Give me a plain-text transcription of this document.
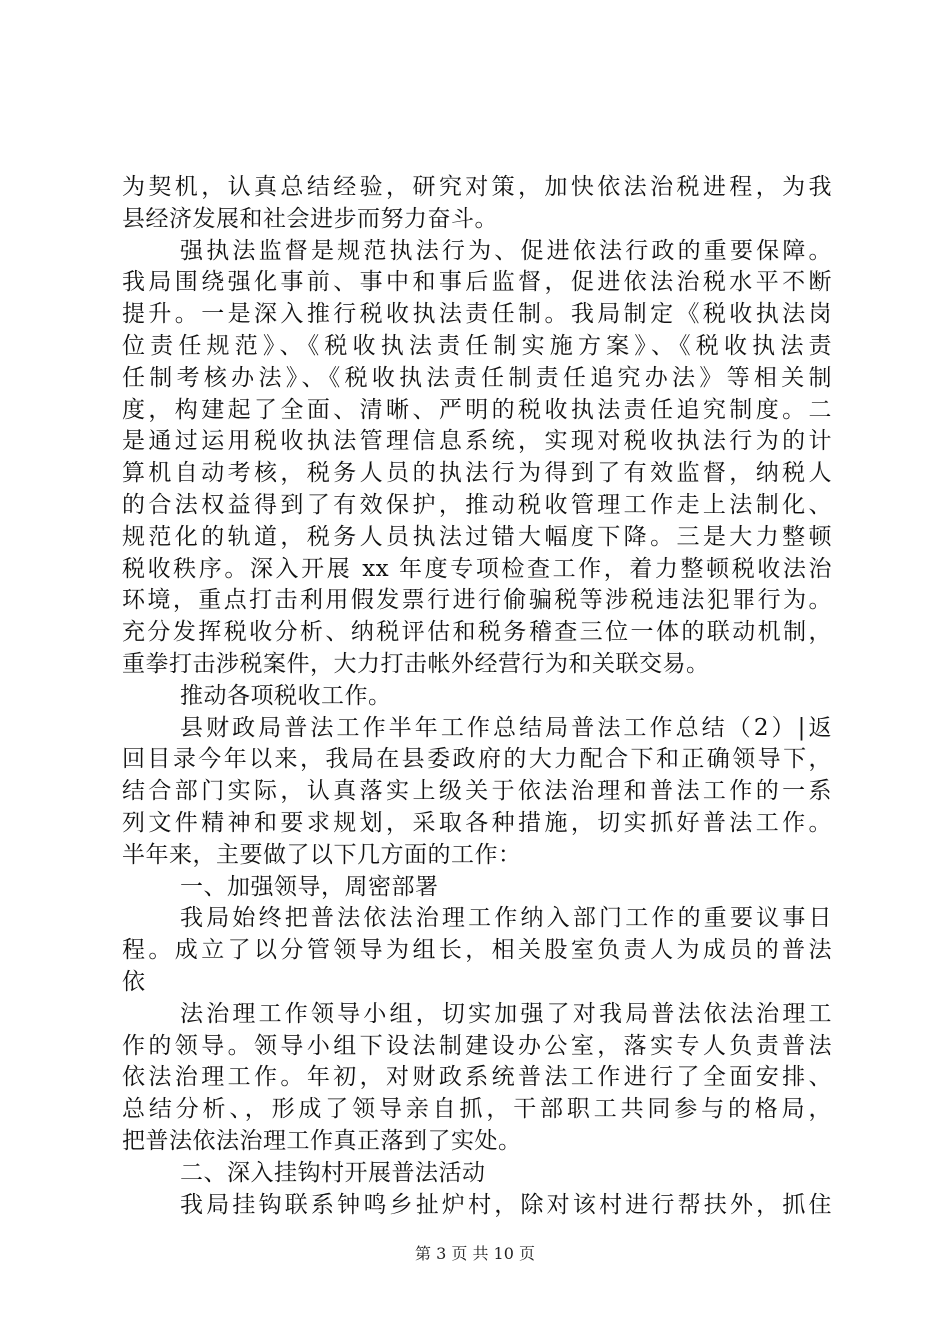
为契机，认真总结经验，研究对策，加快依法治税进程，为我
县经济发展和社会进步而努力奋斗。
强执法监督是规范执法行为、促进依法行政的重要保障。
我局围绕强化事前、事中和事后监督，促进依法治税水平不断
提升。一是深入推行税收执法责任制。我局制定《税收执法岗
位责任规范》、《税收执法责任制实施方案》、《税收执法责
任制考核办法》、《税收执法责任制责任追究办法》等相关制
度，构建起了全面、清晰、严明的税收执法责任追究制度。二
是通过运用税收执法管理信息系统，实现对税收执法行为的计
算机自动考核，税务人员的执法行为得到了有效监督，纳税人
的合法权益得到了有效保护，推动税收管理工作走上法制化、
规范化的轨道，税务人员执法过错大幅度下降。三是大力整顿
税收秩序。深入开展 xx 年度专项检查工作，着力整顿税收法治
环境，重点打击利用假发票行进行偷骗税等涉税违法犯罪行为。
充分发挥税收分析、纳税评估和税务稽查三位一体的联动机制，
重拳打击涉税案件，大力打击帐外经营行为和关联交易。
推动各项税收工作。
县财政局普法工作半年工作总结局普法工作总结（2）|返
回目录今年以来，我局在县委政府的大力配合下和正确领导下，
结合部门实际，认真落实上级关于依法治理和普法工作的一系
列文件精神和要求规划，采取各种措施，切实抓好普法工作。
半年来，主要做了以下几方面的工作：
一、加强领导，周密部署
我局始终把普法依法治理工作纳入部门工作的重要议事日
程。成立了以分管领导为组长，相关股室负责人为成员的普法
依
法治理工作领导小组，切实加强了对我局普法依法治理工
作的领导。领导小组下设法制建设办公室，落实专人负责普法
依法治理工作。年初，对财政系统普法工作进行了全面安排、
总结分析、，形成了领导亲自抓，干部职工共同参与的格局，
把普法依法治理工作真正落到了实处。
二、深入挂钩村开展普法活动
我局挂钩联系钟鸣乡扯炉村，除对该村进行帮扶外，抓住
第 3 页 共 10 页
